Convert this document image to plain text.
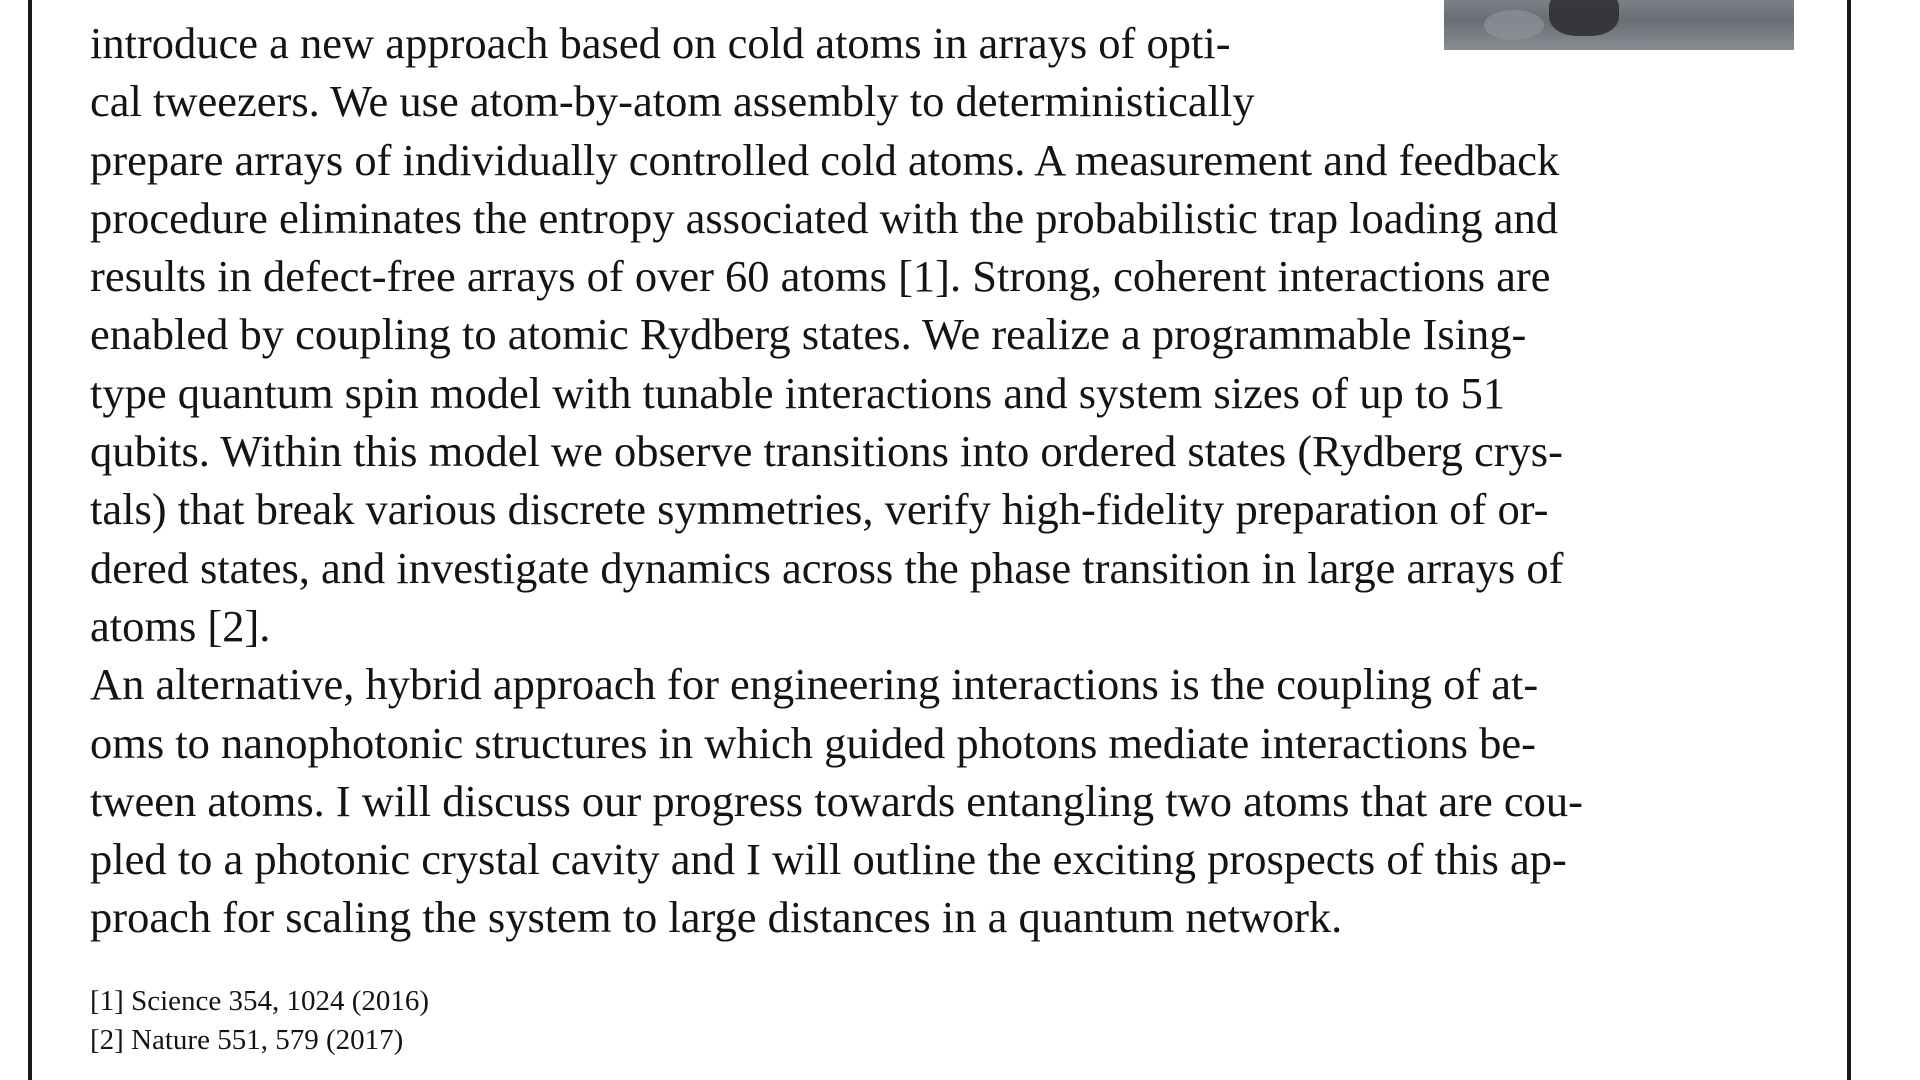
introduce a new approach based on cold atoms in arrays of opti-
cal tweezers. We use atom-by-atom assembly to deterministically
prepare arrays of individually controlled cold atoms. A measurement and feedback
procedure eliminates the entropy associated with the probabilistic trap loading and
results in defect-free arrays of over 60 atoms [1]. Strong, coherent interactions are
enabled by coupling to atomic Rydberg states. We realize a programmable Ising-
type quantum spin model with tunable interactions and system sizes of up to 51
qubits. Within this model we observe transitions into ordered states (Rydberg crys-
tals) that break various discrete symmetries, verify high-fidelity preparation of or-
dered states, and investigate dynamics across the phase transition in large arrays of
atoms [2].
An alternative, hybrid approach for engineering interactions is the coupling of at-
oms to nanophotonic structures in which guided photons mediate interactions be-
tween atoms. I will discuss our progress towards entangling two atoms that are cou-
pled to a photonic crystal cavity and I will outline the exciting prospects of this ap-
proach for scaling the system to large distances in a quantum network.
[1] Science 354, 1024 (2016)
[2] Nature 551, 579 (2017)
